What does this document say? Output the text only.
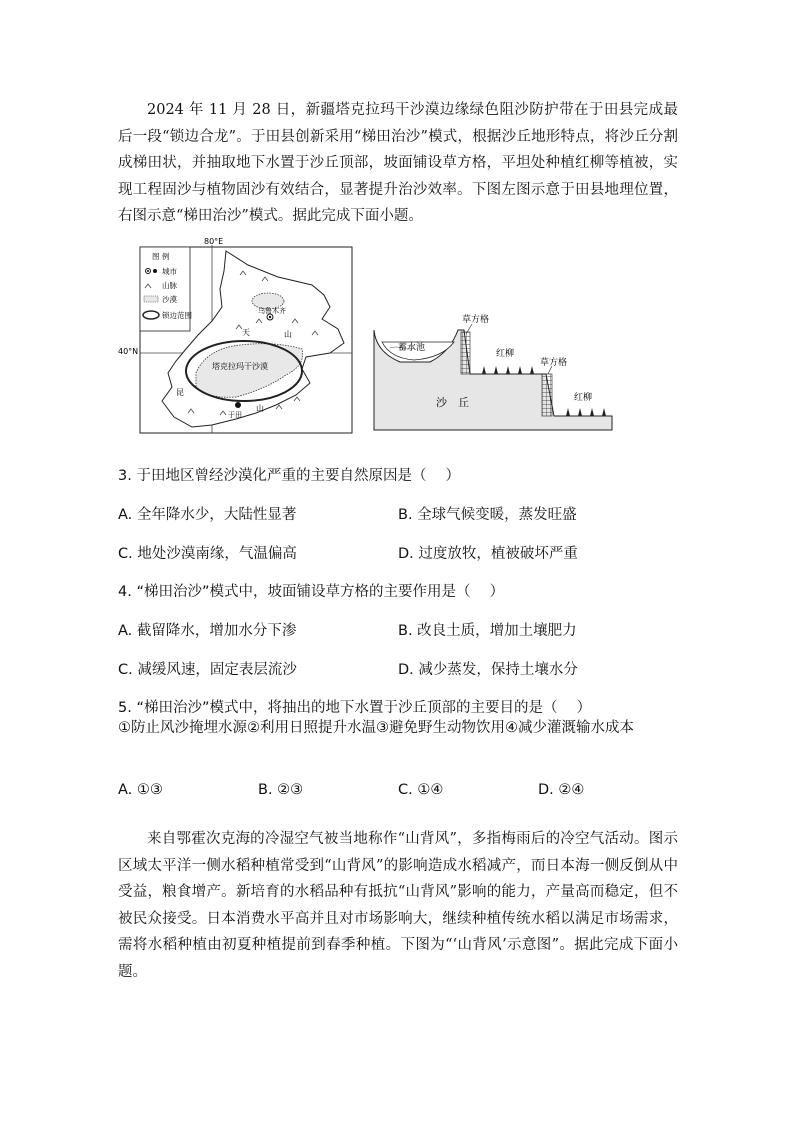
2024 年 11 月 28 日，新疆塔克拉玛干沙漠边缘绿色阻沙防护带在于田县完成最后一段“锁边合龙”。于田县创新采用“梯田治沙”模式，根据沙丘地形特点，将沙丘分割成梯田状，并抽取地下水置于沙丘顶部，坡面铺设草方格，平坦处种植红柳等植被，实现工程固沙与植物固沙有效结合，显著提升治沙效率。下图左图示意于田县地理位置，右图示意“梯田治沙”模式。据此完成下面小题。
80°E
40°N
乌鲁木齐
于田
塔克拉玛干沙漠
天	山
昆
山
图 例
城市
山脉
沙漠
锁边范围
蓄水池
草方格
草方格
红柳
红柳
沙　丘
3. 于田地区曾经沙漠化严重的主要自然原因是（　 ）
A. 全年降水少，大陆性显著	B. 全球气候变暖，蒸发旺盛
C. 地处沙漠南缘，气温偏高	D. 过度放牧，植被破坏严重
4. “梯田治沙”模式中，坡面铺设草方格的主要作用是（　 ）
A. 截留降水，增加水分下渗	B. 改良土质，增加土壤肥力
C. 减缓风速，固定表层流沙	D. 减少蒸发，保持土壤水分
5. “梯田治沙”模式中，将抽出的地下水置于沙丘顶部的主要目的是（　 ）
①防止风沙掩埋水源②利用日照提升水温③避免野生动物饮用④减少灌溉输水成本
A. ①③	B. ②③	C. ①④	D. ②④
来自鄂霍次克海的冷湿空气被当地称作“山背风”，多指梅雨后的冷空气活动。图示区域太平洋一侧水稻种植常受到“山背风”的影响造成水稻减产，而日本海一侧反倒从中受益，粮食增产。新培育的水稻品种有抵抗“山背风”影响的能力，产量高而稳定，但不被民众接受。日本消费水平高并且对市场影响大，继续种植传统水稻以满足市场需求，需将水稻种植由初夏种植提前到春季种植。下图为“‘山背风’示意图”。据此完成下面小题。
